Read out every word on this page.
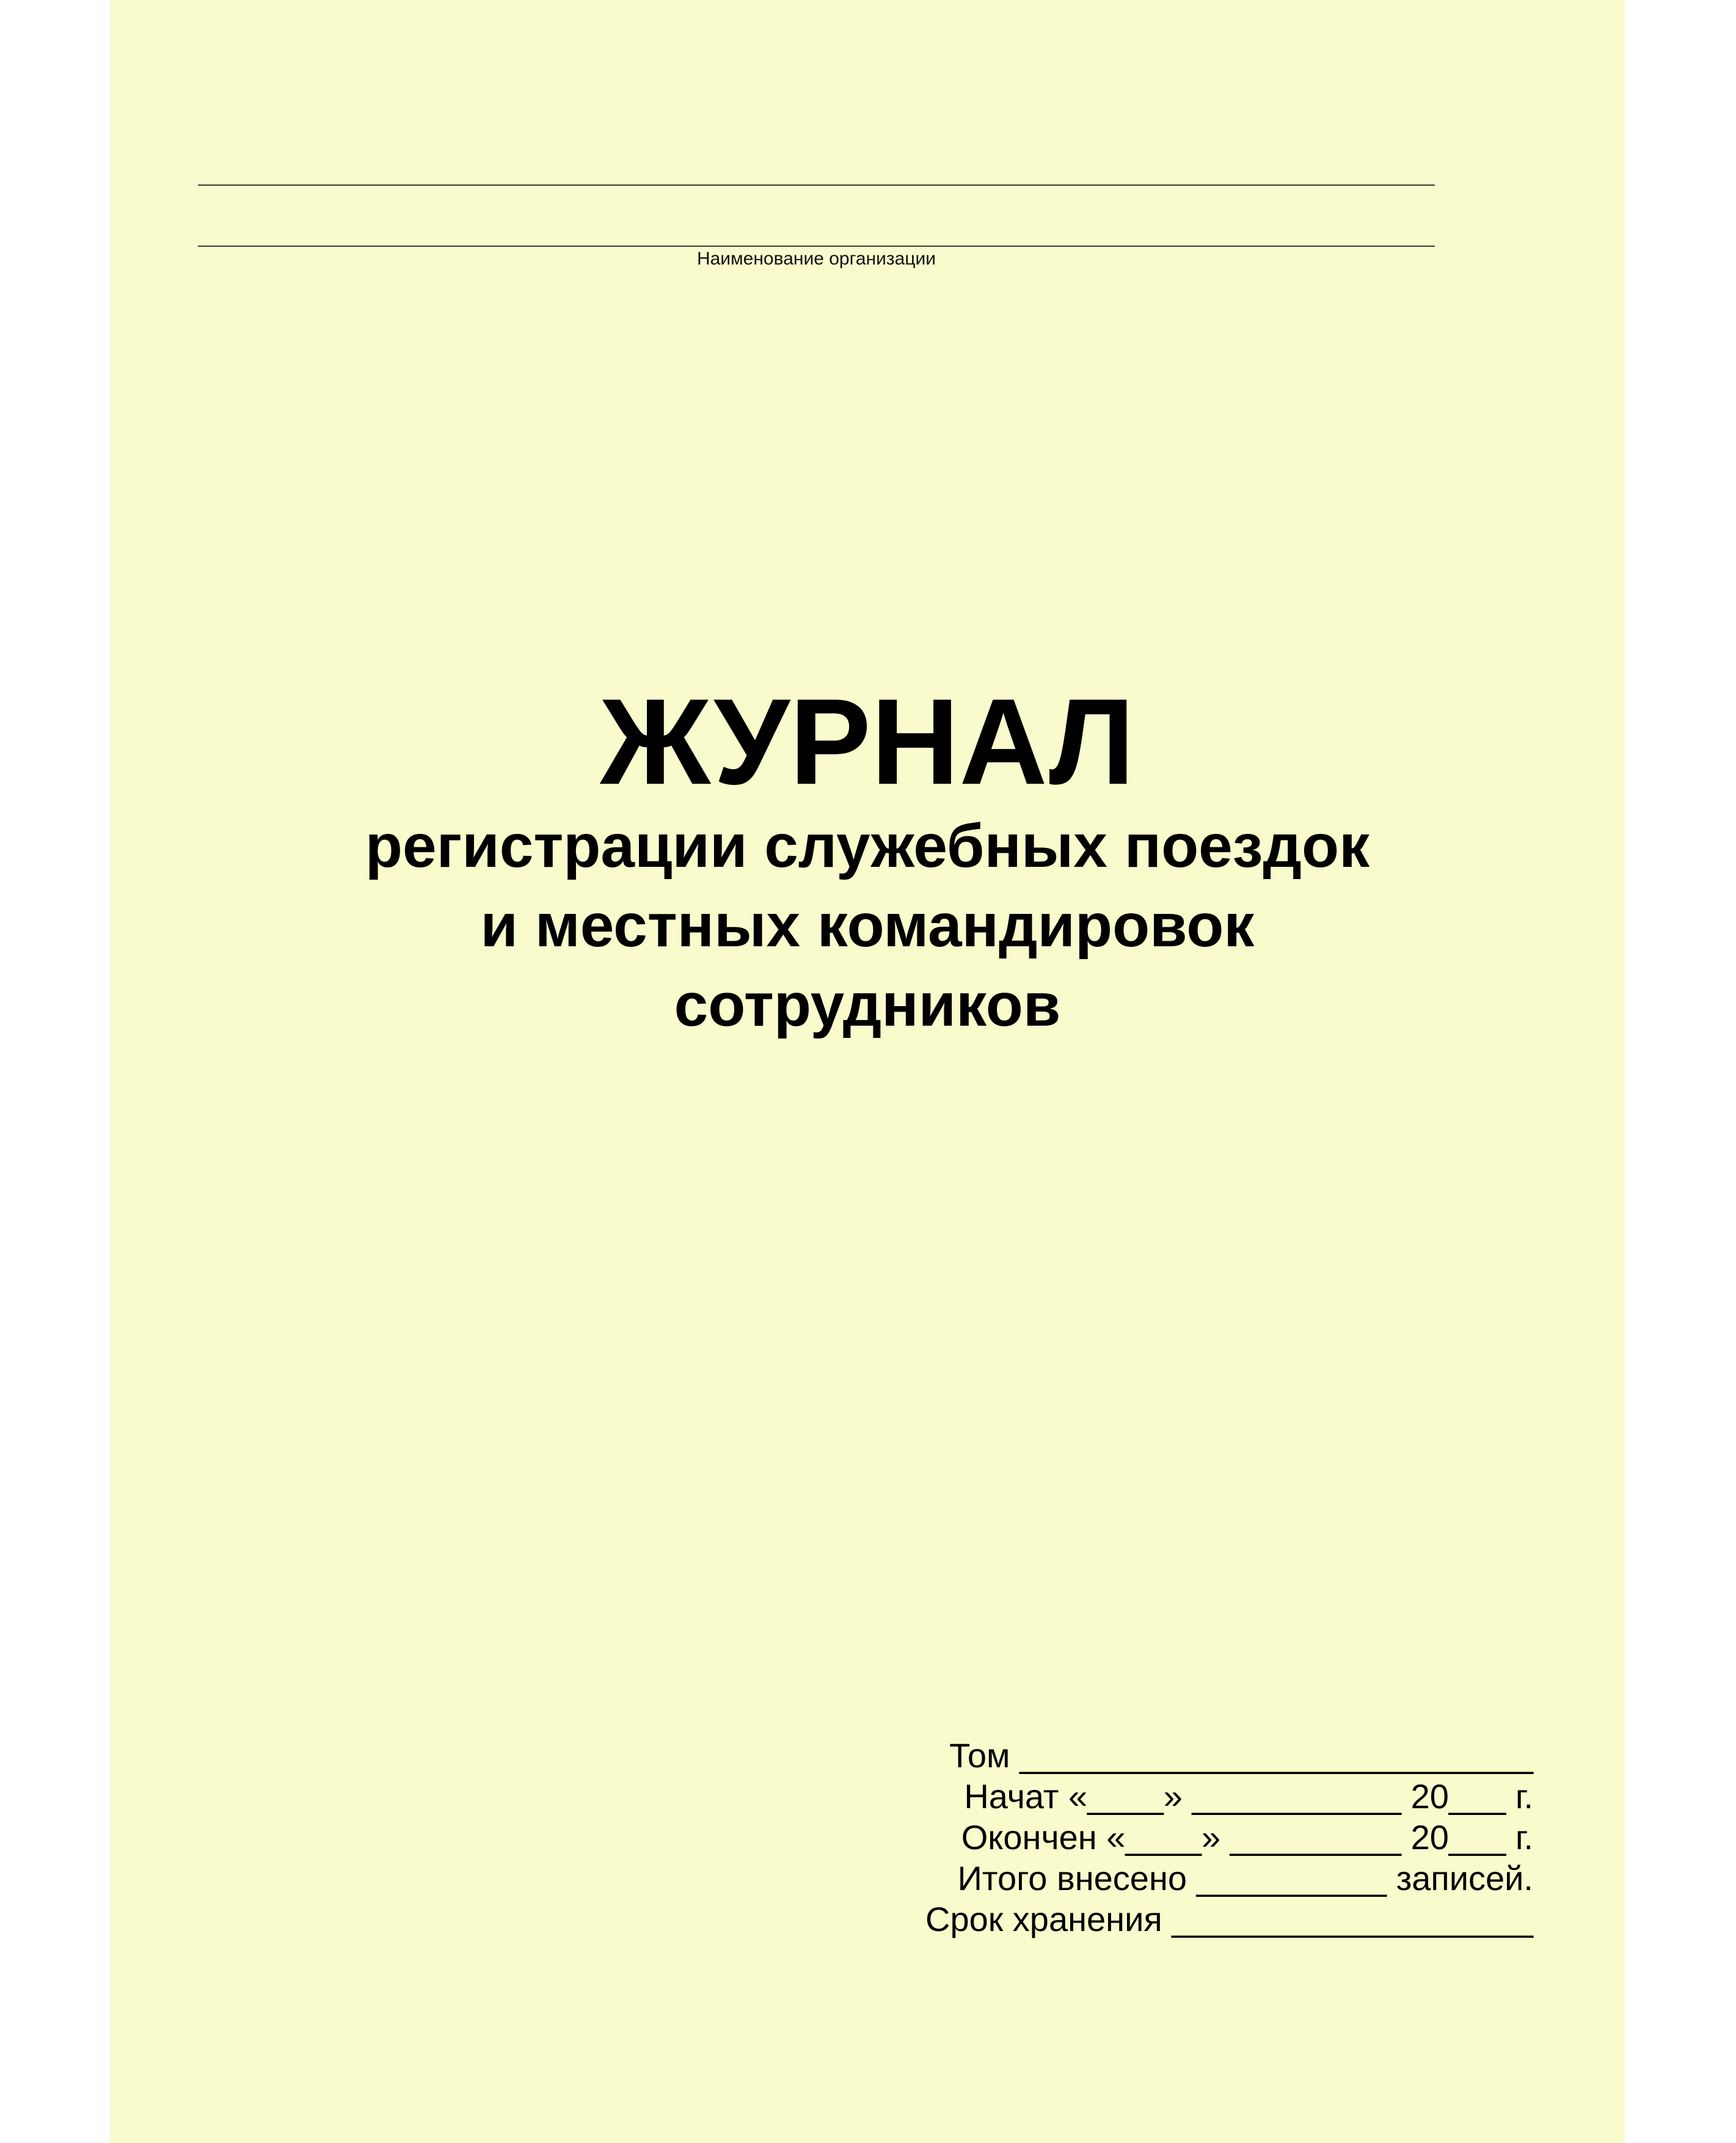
Наименование организации
ЖУРНАЛ
регистрации служебных поездок
и местных командировок
сотрудников
Том ___________________________
Начат «____» ___________ 20___ г.
Окончен «____» _________ 20___ г.
Итого внесено __________ записей.
Срок хранения ___________________
